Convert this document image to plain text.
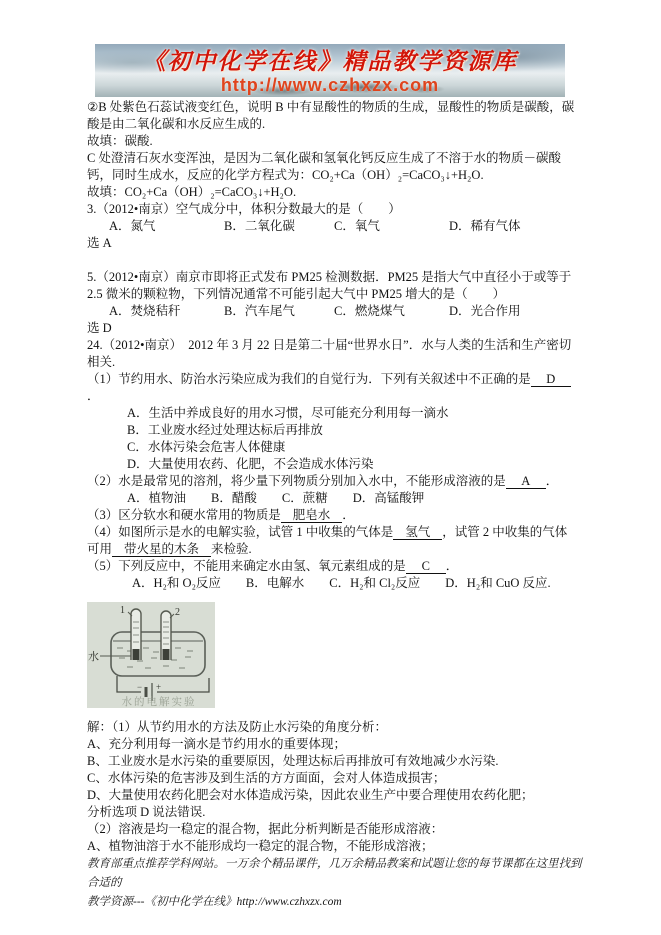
《初中化学在线》精品教学资源库
http://www.czhxzx.com

②B 处紫色石蕊试液变红色，说明 B 中有显酸性的物质的生成，显酸性的物质是碳酸，碳酸是由二氧化碳和水反应生成的.

故填：碳酸.

C 处澄清石灰水变浑浊，是因为二氧化碳和氢氧化钙反应生成了不溶于水的物质－碳酸钙，同时生成水，反应的化学方程式为：CO₂+Ca（OH）₂=CaCO₃↓+H₂O.

故填：CO₂+Ca（OH）₂=CaCO₃↓+H₂O.

3.（2012•南京）空气成分中，体积分数最大的是（　　）

A．氮气	B．二氧化碳	C．氧气	D．稀有气体

选 A

5.（2012•南京）南京市即将正式发布 PM25 检测数据．PM25 是指大气中直径小于或等于 2.5 微米的颗粒物，下列情况通常不可能引起大气中 PM25 增大的是（　　）

A．焚烧秸秆	B．汽车尾气	C．燃烧煤气	D．光合作用

选 D

24.（2012•南京）　2012 年 3 月 22 日是第二十届“世界水日”．水与人类的生活和生产密切相关.

（1）节约用水、防治水污染应成为我们的自觉行为．下列有关叙述中不正确的是 D．

A．生活中养成良好的用水习惯，尽可能充分利用每一滴水

B．工业废水经过处理达标后再排放

C．水体污染会危害人体健康

D．大量使用农药、化肥，不会造成水体污染

（2）水是最常见的溶剂，将少量下列物质分别加入水中，不能形成溶液的是 A ．

A．植物油　　B．醋酸　　C．蔗糖　　D．高锰酸钾

（3）区分软水和硬水常用的物质是 肥皂水 ．

（4）如图所示是水的电解实验，试管 1 中收集的气体是 氢气 ，试管 2 中收集的气体可用 带火星的木条 来检验.

（5）下列反应中，不能用来确定水由氢、氧元素组成的是 C ．

A．H₂和 O₂反应　　B．电解水　　C．H₂和 Cl₂反应　　D．H₂和 CuO 反应.

1	2
水
− +
水的电解实验

解：（1）从节约用水的方法及防止水污染的角度分析：

A、充分利用每一滴水是节约用水的重要体现；

B、工业废水是水污染的重要原因，处理达标后再排放可有效地减少水污染.

C、水体污染的危害涉及到生活的方方面面，会对人体造成损害；

D、大量使用农药化肥会对水体造成污染，因此农业生产中要合理使用农药化肥；

分析选项 D 说法错误.

（2）溶液是均一稳定的混合物，据此分析判断是否能形成溶液：

A、植物油溶于水不能形成均一稳定的混合物，不能形成溶液；

教育部重点推荐学科网站。一万余个精品课件，几万余精品教案和试题让您的每节课都在这里找到合适的
教学资源---《初中化学在线》http://www.czhxzx.com
